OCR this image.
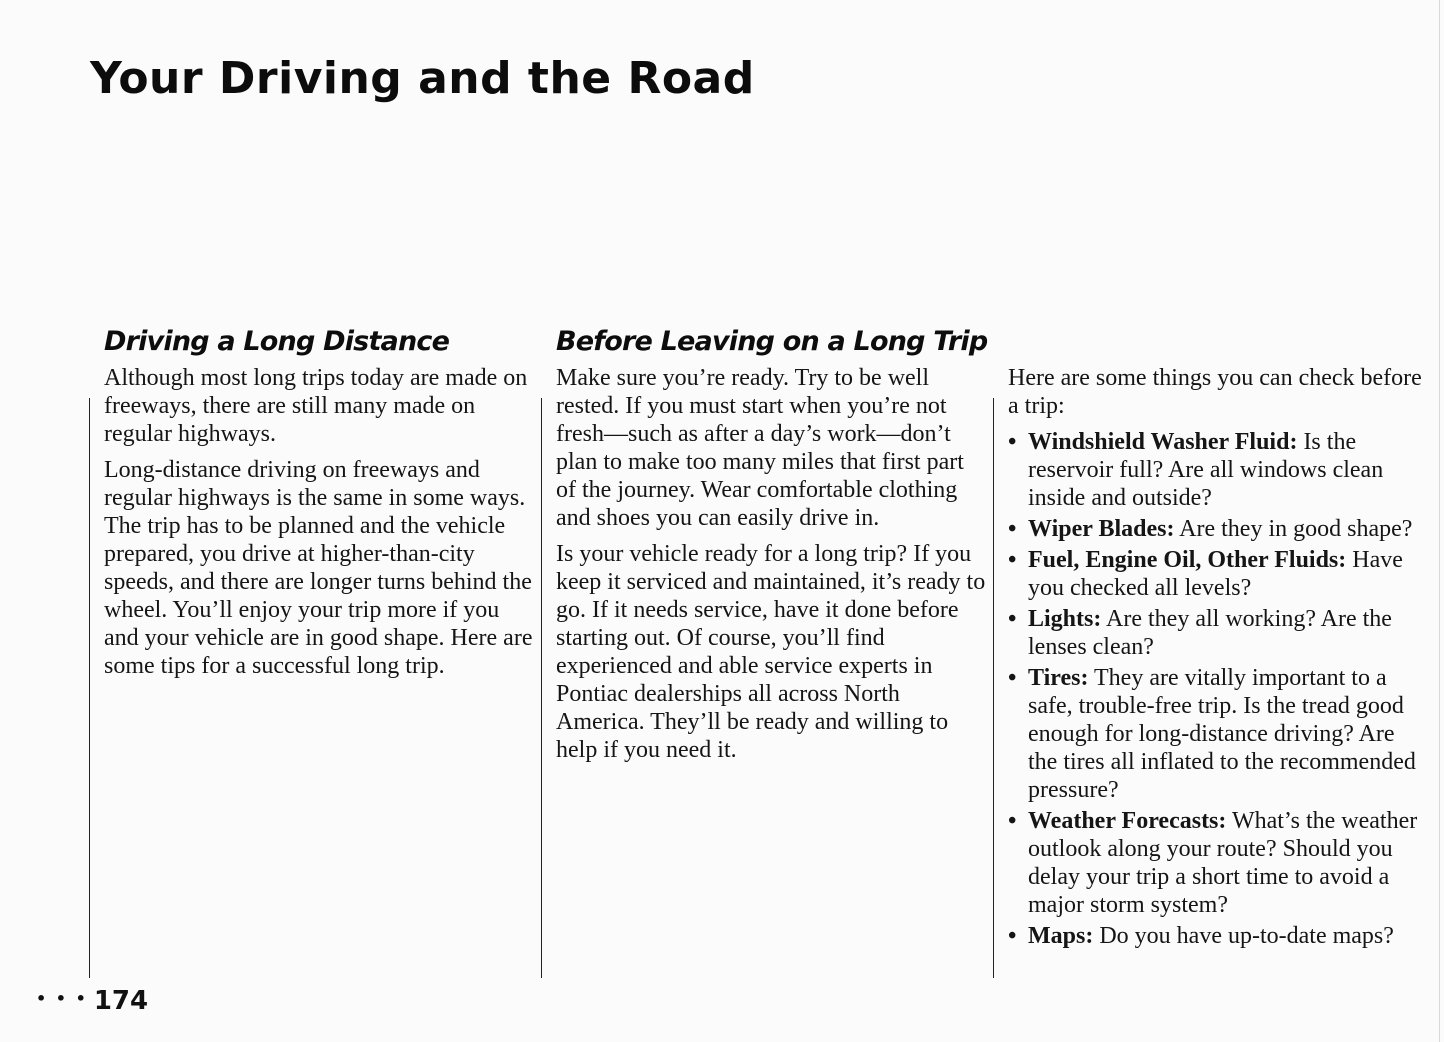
Your Driving and the Road
Driving a Long Distance

Although most long trips today are made on freeways, there are still many made on regular highways.

Long-distance driving on freeways and regular highways is the same in some ways. The trip has to be planned and the vehicle prepared, you drive at higher-than-city speeds, and there are longer turns behind the wheel. You’ll enjoy your trip more if you and your vehicle are in good shape. Here are some tips for a successful long trip.

Before Leaving on a Long Trip

Make sure you’re ready. Try to be well rested. If you must start when you’re not fresh—such as after a day’s work—don’t plan to make too many miles that first part of the journey. Wear comfortable clothing and shoes you can easily drive in.

Is your vehicle ready for a long trip? If you keep it serviced and maintained, it’s ready to go. If it needs service, have it done before starting out. Of course, you’ll find experienced and able service experts in Pontiac dealerships all across North America. They’ll be ready and willing to help if you need it.

Here are some things you can check before a trip:

• Windshield Washer Fluid: Is the reservoir full? Are all windows clean inside and outside?
• Wiper Blades: Are they in good shape?
• Fuel, Engine Oil, Other Fluids: Have you checked all levels?
• Lights: Are they all working? Are the lenses clean?
• Tires: They are vitally important to a safe, trouble-free trip. Is the tread good enough for long-distance driving? Are the tires all inflated to the recommended pressure?
• Weather Forecasts: What’s the weather outlook along your route? Should you delay your trip a short time to avoid a major storm system?
• Maps: Do you have up-to-date maps?
• • • 174
